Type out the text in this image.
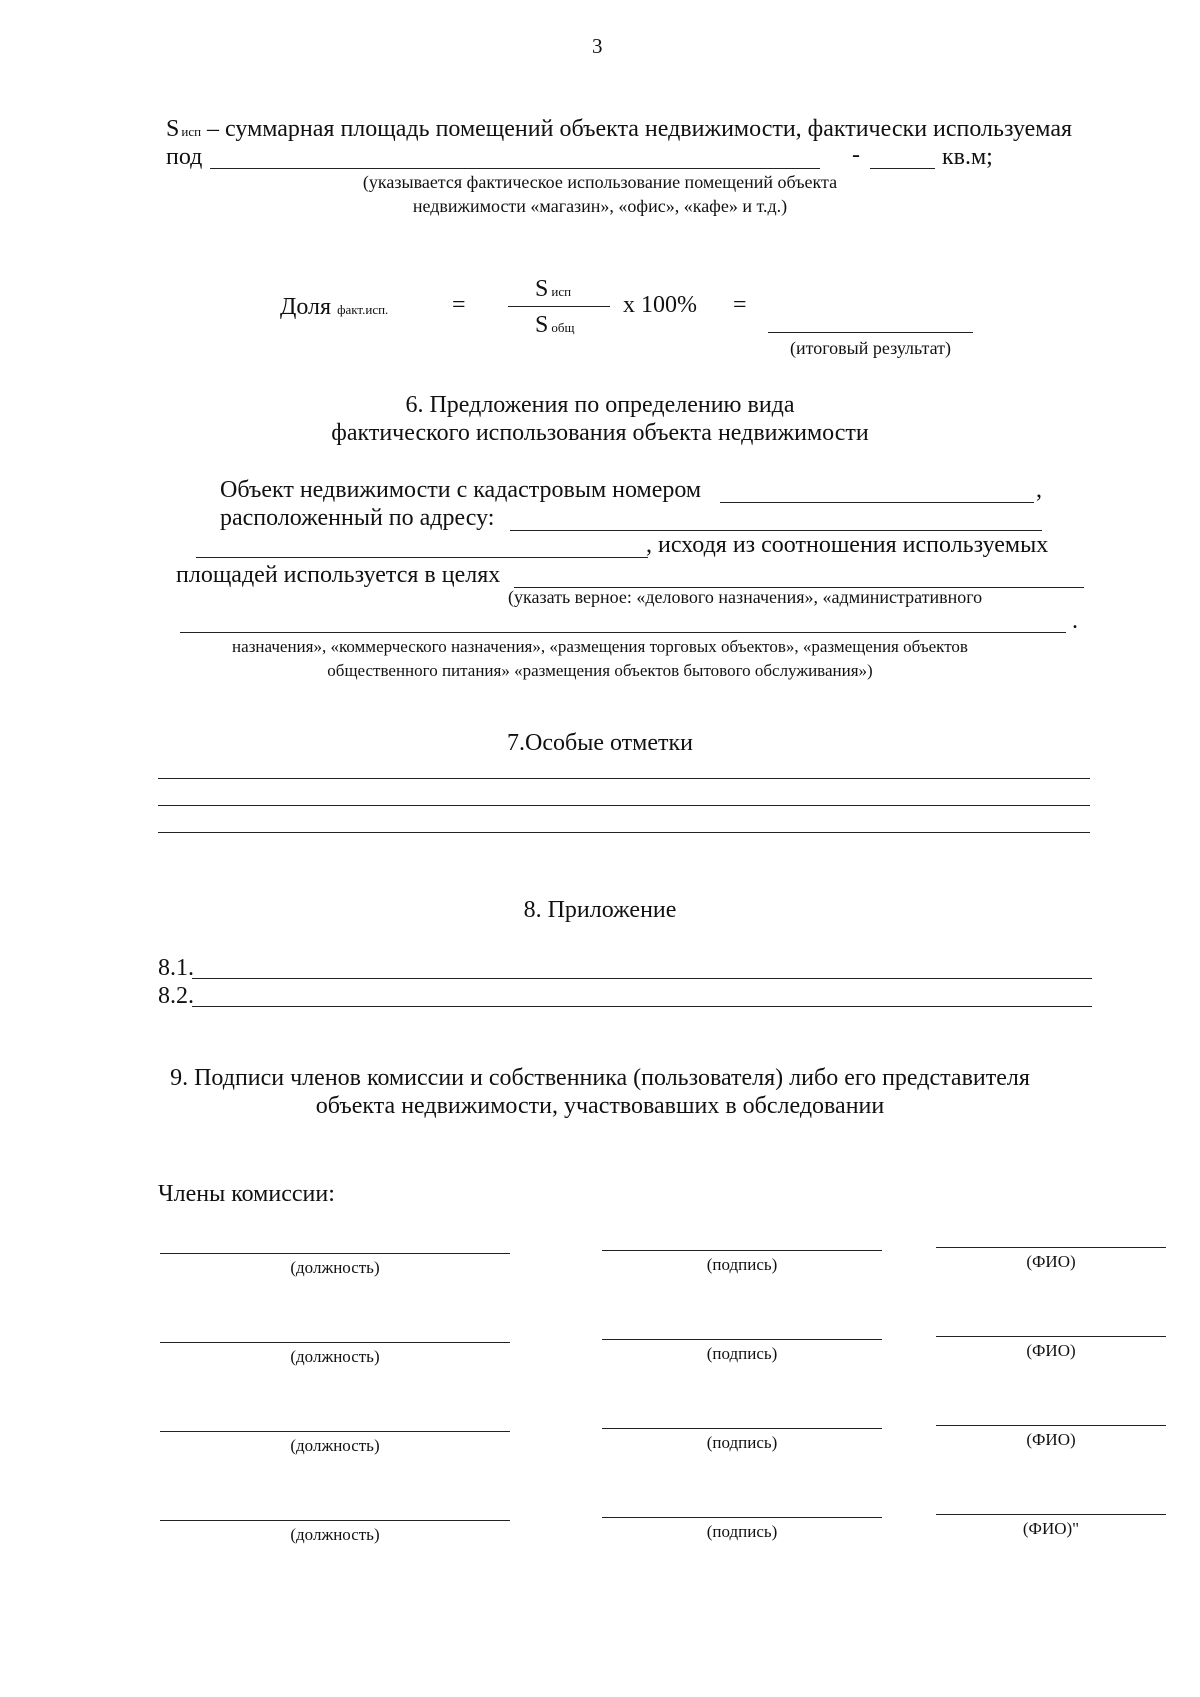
3
Sисп – суммарная площадь помещений объекта недвижимости, фактически используемая
под	-	кв.м;
(указывается фактическое использование помещений объекта
недвижимости «магазин», «офис», «кафе» и т.д.)
Доля факт.исп.	=
Sисп
Sобщ
х 100% =
(итоговый результат)
6. Предложения по определению вида
фактического использования объекта недвижимости
Объект недвижимости с кадастровым номером	,
расположенный по адресу:
, исходя из соотношения используемых
площадей используется в целях
(указать верное: «делового назначения», «административного
.
назначения», «коммерческого назначения», «размещения торговых объектов», «размещения объектов
общественного питания» «размещения объектов бытового обслуживания»)
7.Особые отметки
8. Приложение
8.1.
8.2.
9. Подписи членов комиссии и собственника (пользователя) либо его представителя
объекта недвижимости, участвовавших в обследовании
Члены комиссии:
(должность)	(подпись)	(ФИО)
(должность)	(подпись)	(ФИО)
(должность)	(подпись)	(ФИО)
(должность)	(подпись)	(ФИО)"
